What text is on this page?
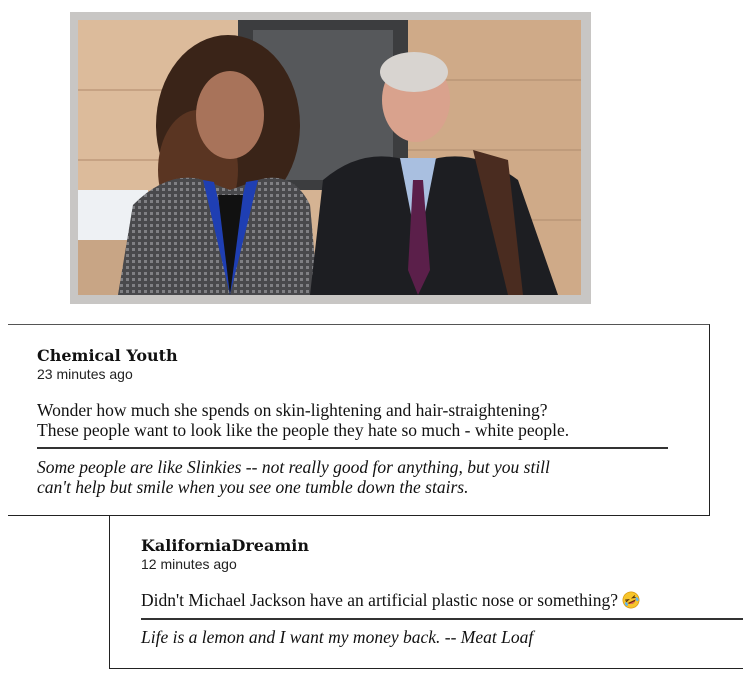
Chemical Youth
23 minutes ago
Wonder how much she spends on skin-lightening and hair-straightening?
These people want to look like the people they hate so much - white people.
Some people are like Slinkies -- not really good for anything, but you still
can't help but smile when you see one tumble down the stairs.
KaliforniaDreamin
12 minutes ago
Didn't Michael Jackson have an artificial plastic nose or something?
Life is a lemon and I want my money back. -- Meat Loaf
